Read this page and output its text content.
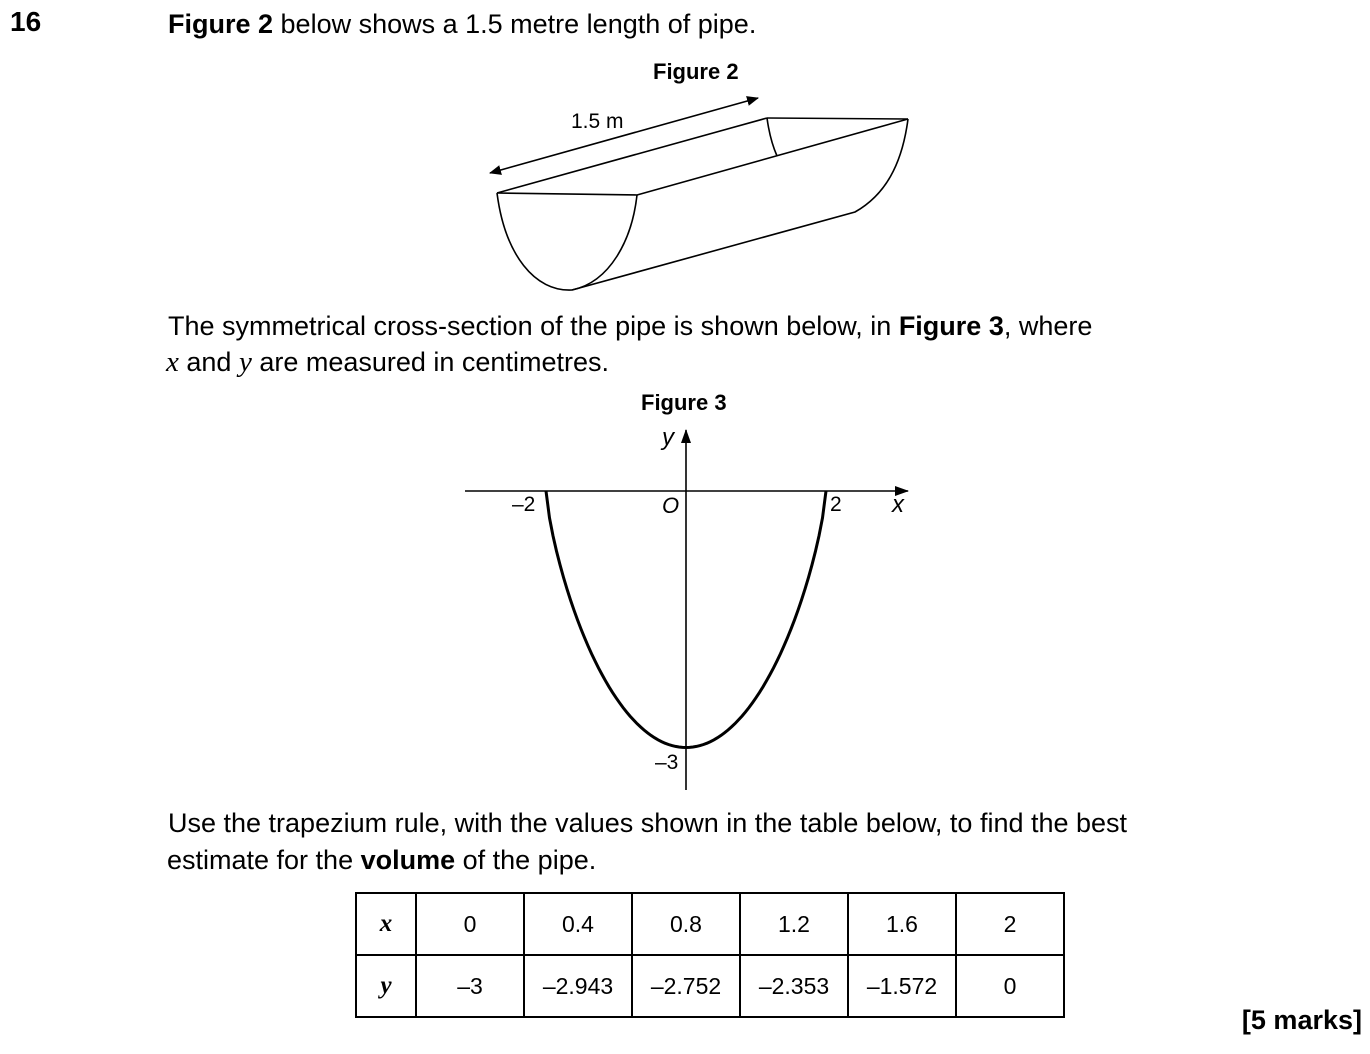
16	Figure 2 below shows a 1.5 metre length of pipe.
Figure 2
1.5 m
The symmetrical cross-section of the pipe is shown below, in Figure 3, where
x and y are measured in centimetres.
Figure 3
y
x
O
–2	2
–3
Use the trapezium rule, with the values shown in the table below, to find the best
estimate for the volume of the pipe.
x	0	0.4	0.8	1.2	1.6	2
y	–3	–2.943	–2.752	–2.353	–1.572	0
[5 marks]
